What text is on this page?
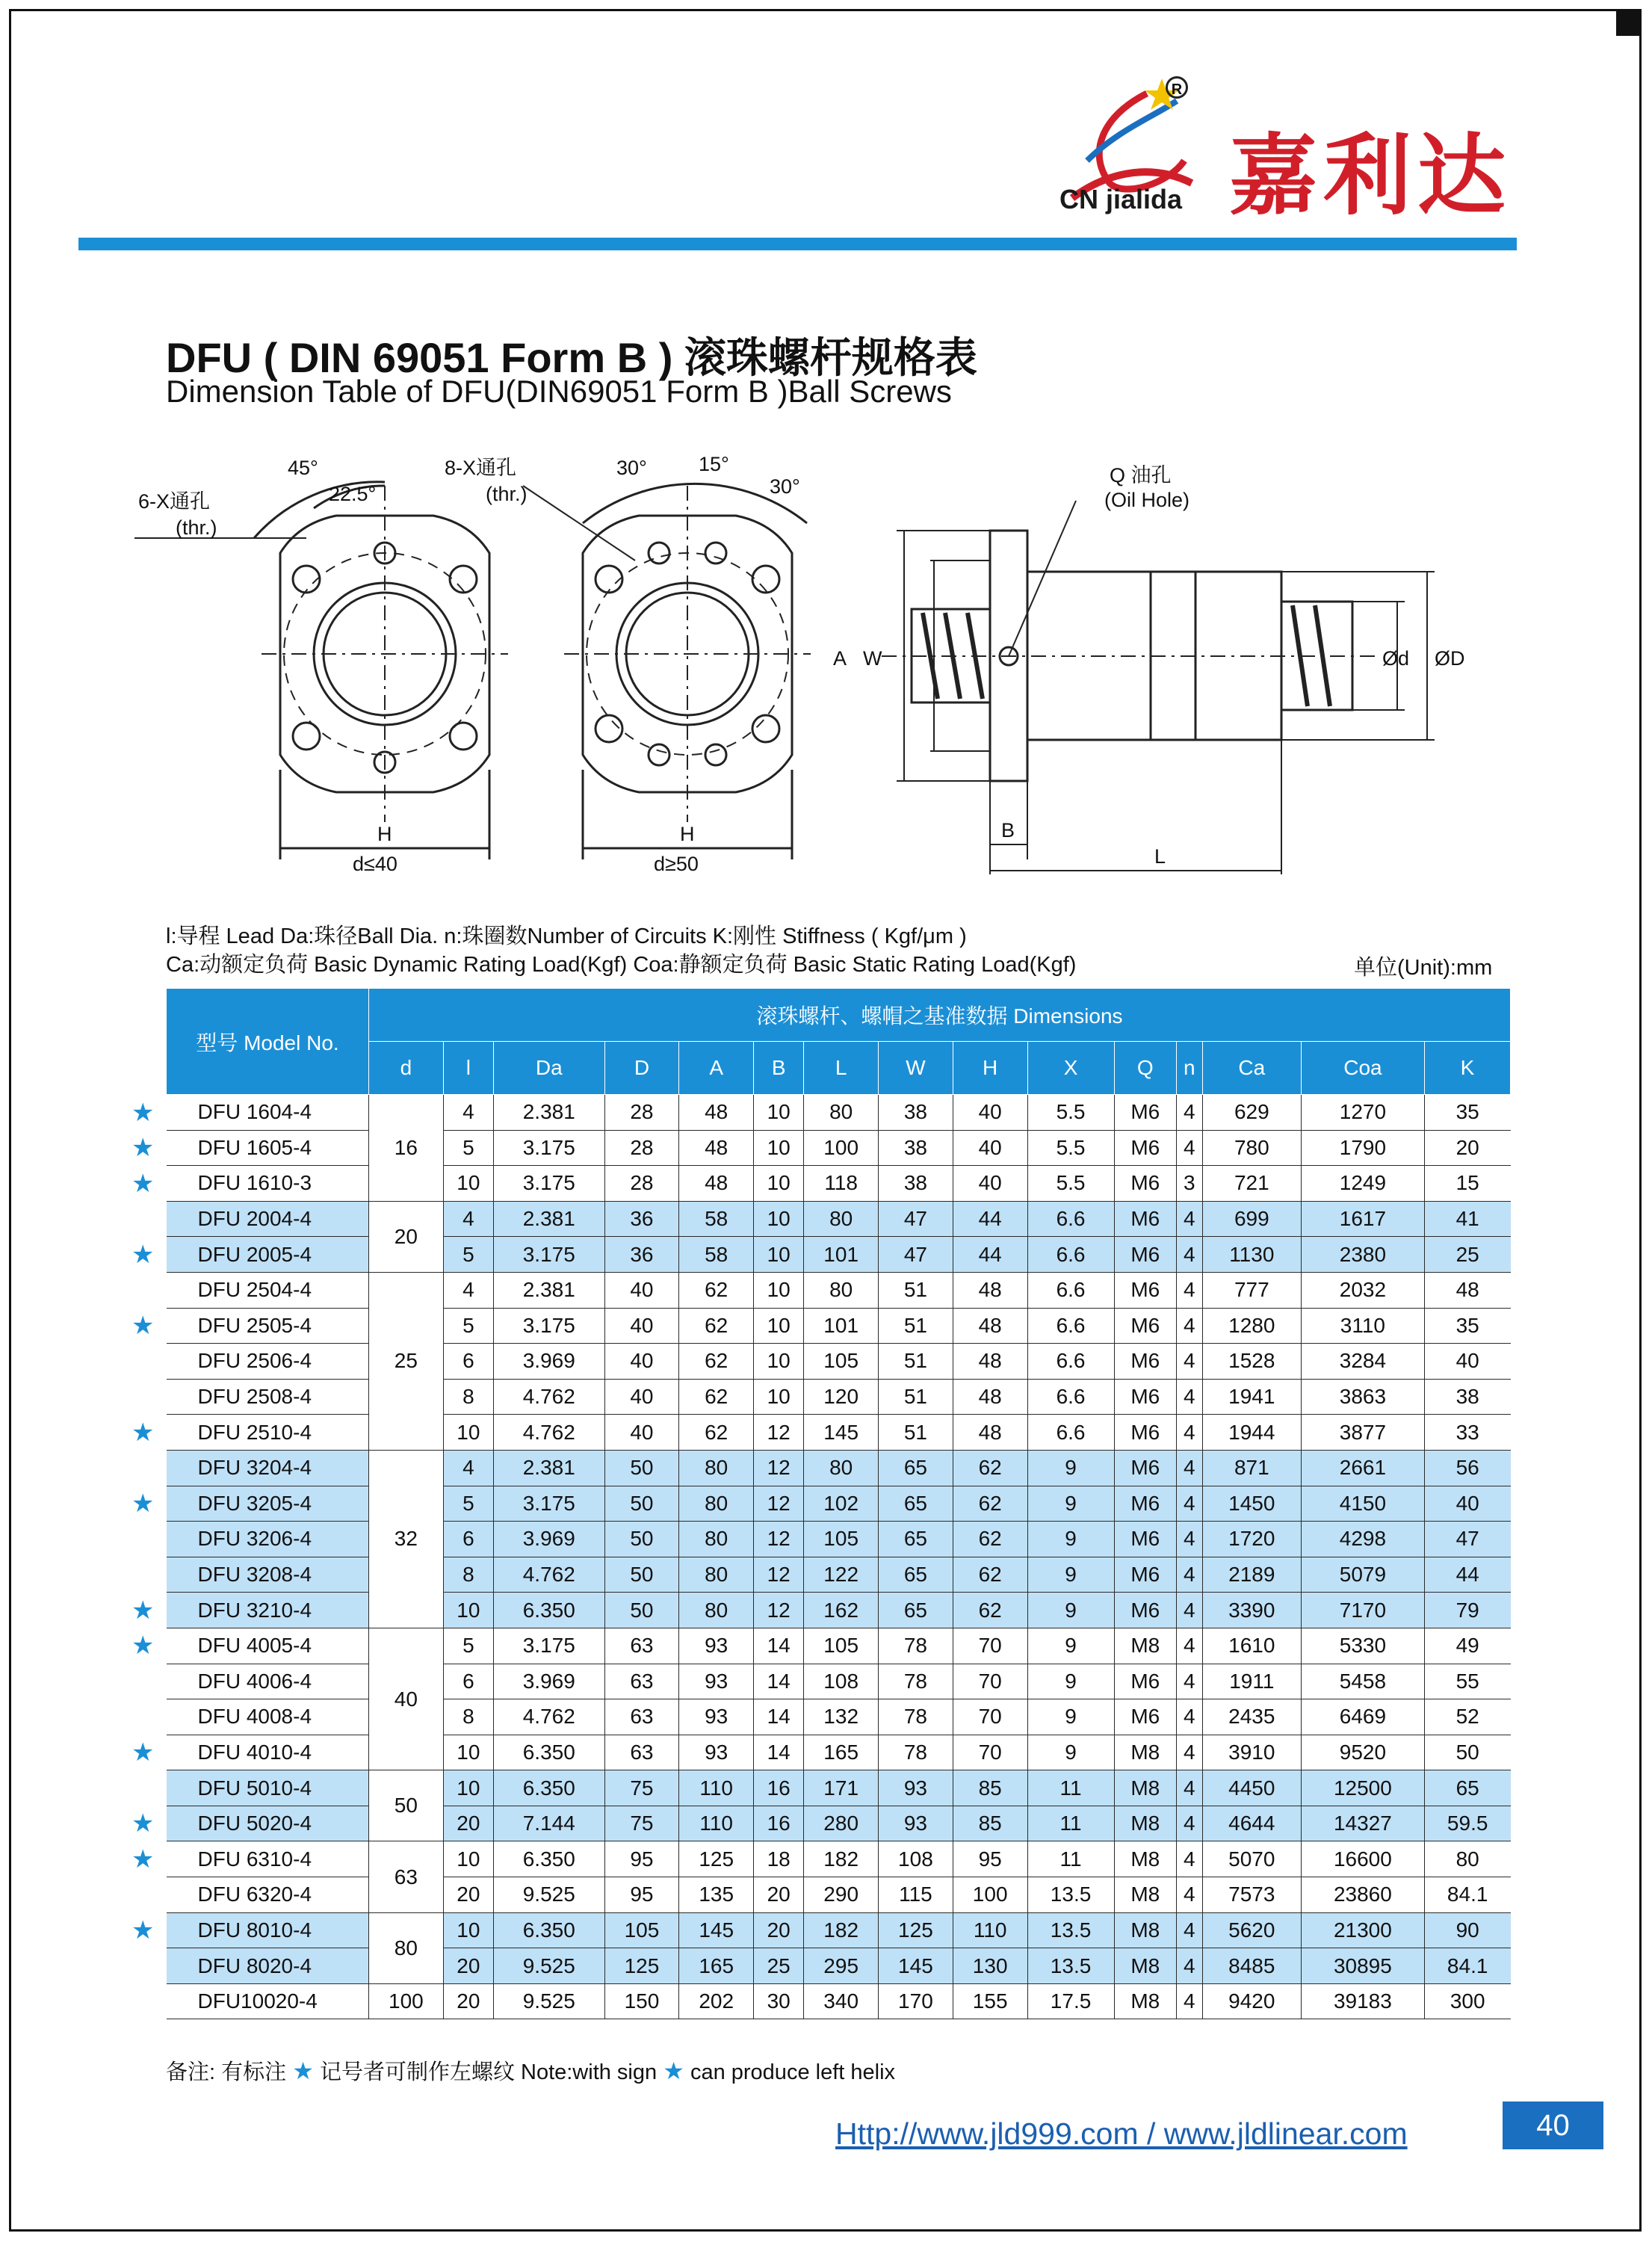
R
CN jialida 嘉利达
DFU ( DIN 69051 Form B ) 滚珠螺杆规格表
Dimension Table of DFU(DIN69051 Form B )Ball Screws
6-X通孔
(thr.)
45°
22.5°
H
d≤40
8-X通孔
(thr.)
30°	15°
30°
H
d≥50
Q 油孔
(Oil Hole)
A W
B
L
Ød ØD
l:导程 Lead Da:珠径Ball Dia. n:珠圈数Number of Circuits K:刚性 Stiffness ( Kgf/μm )
Ca:动额定负荷 Basic Dynamic Rating Load(Kgf) Coa:静额定负荷 Basic Static Rating Load(Kgf)	单位(Unit):mm
型号 Model No.	滚珠螺杆、螺帽之基准数据 Dimensions														
	d	l	Da	D	A	B	L	W	H	X	Q	n	Ca	Coa	K
DFU 1604-4	16	4	2.381	28	48	10	80	38	40	5.5	M6	4	629	1270	35
DFU 1605-4		5	3.175	28	48	10	100	38	40	5.5	M6	4	780	1790	20
DFU 1610-3		10	3.175	28	48	10	118	38	40	5.5	M6	3	721	1249	15
DFU 2004-4	20	4	2.381	36	58	10	80	47	44	6.6	M6	4	699	1617	41
DFU 2005-4		5	3.175	36	58	10	101	47	44	6.6	M6	4	1130	2380	25
DFU 2504-4	25	4	2.381	40	62	10	80	51	48	6.6	M6	4	777	2032	48
DFU 2505-4		5	3.175	40	62	10	101	51	48	6.6	M6	4	1280	3110	35
DFU 2506-4		6	3.969	40	62	10	105	51	48	6.6	M6	4	1528	3284	40
DFU 2508-4		8	4.762	40	62	10	120	51	48	6.6	M6	4	1941	3863	38
DFU 2510-4		10	4.762	40	62	12	145	51	48	6.6	M6	4	1944	3877	33
DFU 3204-4	32	4	2.381	50	80	12	80	65	62	9	M6	4	871	2661	56
DFU 3205-4		5	3.175	50	80	12	102	65	62	9	M6	4	1450	4150	40
DFU 3206-4		6	3.969	50	80	12	105	65	62	9	M6	4	1720	4298	47
DFU 3208-4		8	4.762	50	80	12	122	65	62	9	M6	4	2189	5079	44
DFU 3210-4		10	6.350	50	80	12	162	65	62	9	M6	4	3390	7170	79
DFU 4005-4	40	5	3.175	63	93	14	105	78	70	9	M8	4	1610	5330	49
DFU 4006-4		6	3.969	63	93	14	108	78	70	9	M6	4	1911	5458	55
DFU 4008-4		8	4.762	63	93	14	132	78	70	9	M6	4	2435	6469	52
DFU 4010-4		10	6.350	63	93	14	165	78	70	9	M8	4	3910	9520	50
DFU 5010-4	50	10	6.350	75	110	16	171	93	85	11	M8	4	4450	12500	65
DFU 5020-4		20	7.144	75	110	16	280	93	85	11	M8	4	4644	14327	59.5
DFU 6310-4	63	10	6.350	95	125	18	182	108	95	11	M8	4	5070	16600	80
DFU 6320-4		20	9.525	95	135	20	290	115	100	13.5	M8	4	7573	23860	84.1
DFU 8010-4	80	10	6.350	105	145	20	182	125	110	13.5	M8	4	5620	21300	90
DFU 8020-4		20	9.525	125	165	25	295	145	130	13.5	M8	4	8485	30895	84.1
DFU10020-4	100	20	9.525	150	202	30	340	170	155	17.5	M8	4	9420	39183	300
★
★
★
★
★
★
★
★
★
★
★
★
★
备注: 有标注 ★ 记号者可制作左螺纹 Note:with sign ★ can produce left helix
Http://www.jld999.com / www.jldlinear.com	40
